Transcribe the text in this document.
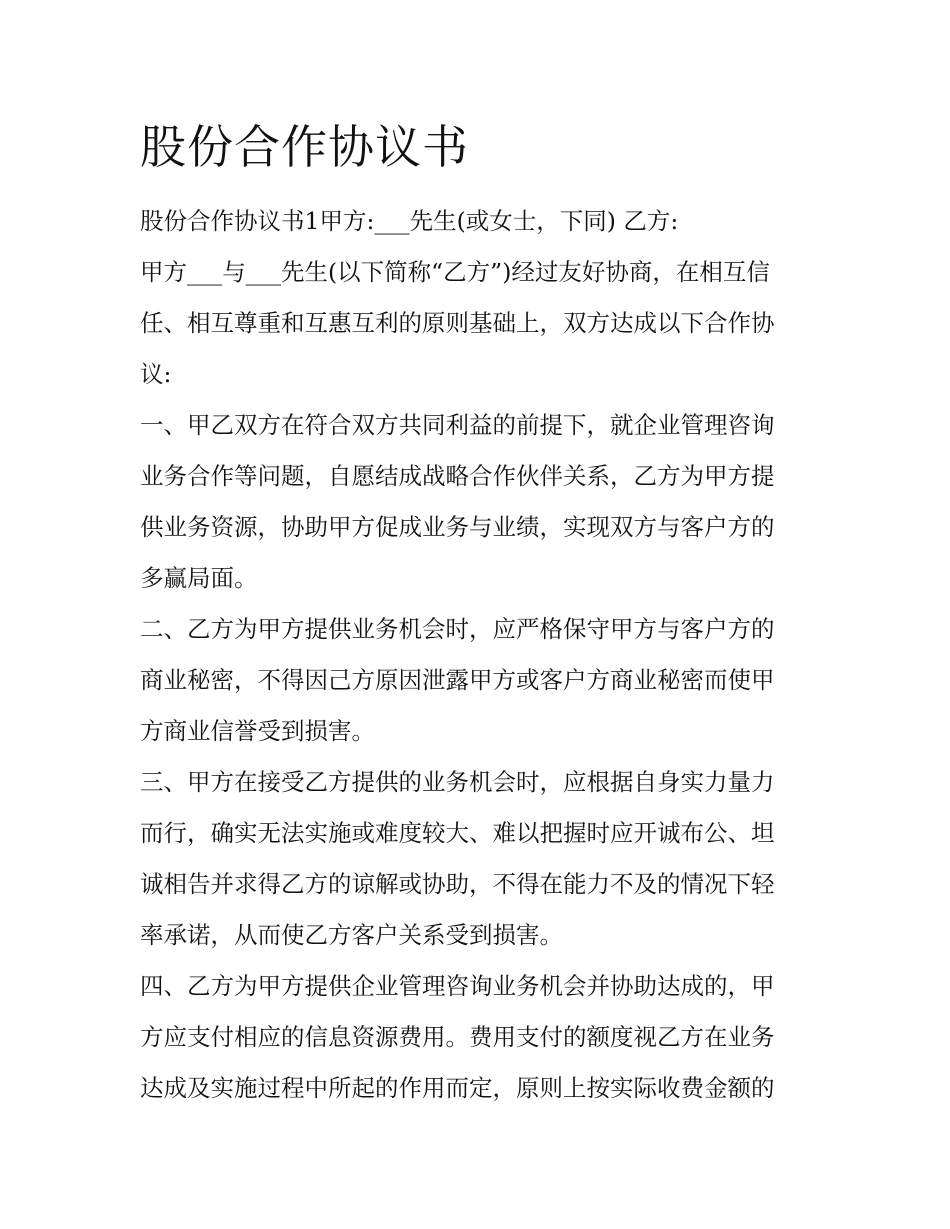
股份合作协议书
股份合作协议书1甲方:___先生(或女士，下同) 乙方:
甲方___与___先生(以下简称“乙方”)经过友好协商，在相互信
任、相互尊重和互惠互利的原则基础上，双方达成以下合作协
议:
一、甲乙双方在符合双方共同利益的前提下，就企业管理咨询
业务合作等问题，自愿结成战略合作伙伴关系，乙方为甲方提
供业务资源，协助甲方促成业务与业绩，实现双方与客户方的
多赢局面。
二、乙方为甲方提供业务机会时，应严格保守甲方与客户方的
商业秘密，不得因己方原因泄露甲方或客户方商业秘密而使甲
方商业信誉受到损害。
三、甲方在接受乙方提供的业务机会时，应根据自身实力量力
而行，确实无法实施或难度较大、难以把握时应开诚布公、坦
诚相告并求得乙方的谅解或协助，不得在能力不及的情况下轻
率承诺，从而使乙方客户关系受到损害。
四、乙方为甲方提供企业管理咨询业务机会并协助达成的，甲
方应支付相应的信息资源费用。费用支付的额度视乙方在业务
达成及实施过程中所起的作用而定，原则上按实际收费金额的
